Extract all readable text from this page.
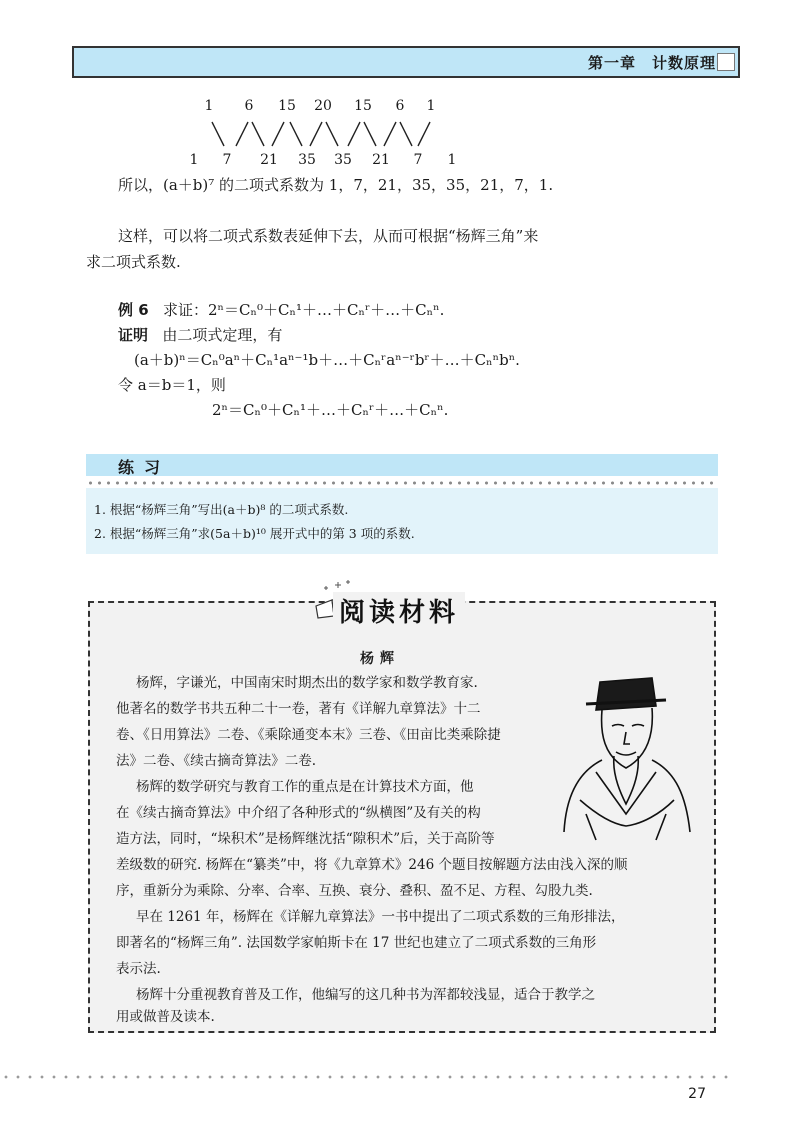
第一章　计数原理
1	6	15	20	15	6	1
1	7	21	35	35	21	7	1
所以，(a＋b)⁷ 的二项式系数为 1，7，21，35，35，21，7，1.
这样，可以将二项式系数表延伸下去，从而可根据“杨辉三角”来
求二项式系数.
例 6 求证：2ⁿ＝Cₙ⁰＋Cₙ¹＋…＋Cₙʳ＋…＋Cₙⁿ.
证明 由二项式定理，有
(a＋b)ⁿ＝Cₙ⁰aⁿ＋Cₙ¹aⁿ⁻¹b＋…＋Cₙʳaⁿ⁻ʳbʳ＋…＋Cₙⁿbⁿ.
令 a＝b＝1，则
2ⁿ＝Cₙ⁰＋Cₙ¹＋…＋Cₙʳ＋…＋Cₙⁿ.
练习
1. 根据“杨辉三角”写出(a＋b)⁸ 的二项式系数.
2. 根据“杨辉三角”求(5a＋b)¹⁰ 展开式中的第 3 项的系数.
阅读材料
杨辉
杨辉，字谦光，中国南宋时期杰出的数学家和数学教育家.
他著名的数学书共五种二十一卷，著有《详解九章算法》十二
卷、《日用算法》二卷、《乘除通变本末》三卷、《田亩比类乘除捷
法》二卷、《续古摘奇算法》二卷.
杨辉的数学研究与教育工作的重点是在计算技术方面，他
在《续古摘奇算法》中介绍了各种形式的“纵横图”及有关的构
造方法，同时，“垛积术”是杨辉继沈括“隙积术”后，关于高阶等
差级数的研究. 杨辉在“纂类”中，将《九章算术》246 个题目按解题方法由浅入深的顺
序，重新分为乘除、分率、合率、互换、衰分、叠积、盈不足、方程、勾股九类.
早在 1261 年，杨辉在《详解九章算法》一书中提出了二项式系数的三角形排法，
即著名的“杨辉三角”. 法国数学家帕斯卡在 17 世纪也建立了二项式系数的三角形
表示法.
杨辉十分重视教育普及工作，他编写的这几种书为浑都较浅显，适合于教学之
用或做普及读本.
27
